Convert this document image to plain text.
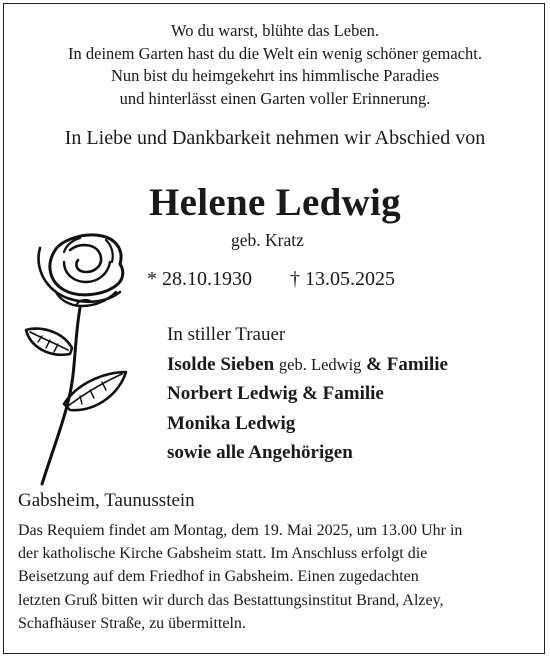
Wo du warst, blühte das Leben.
In deinem Garten hast du die Welt ein wenig schöner gemacht.
Nun bist du heimgekehrt ins himmlische Paradies
und hinterlässt einen Garten voller Erinnerung.
In Liebe und Dankbarkeit nehmen wir Abschied von
Helene Ledwig
geb. Kratz
* 28.10.1930 † 13.05.2025
In stiller Trauer
Isolde Sieben geb. Ledwig & Familie
Norbert Ledwig & Familie
Monika Ledwig
sowie alle Angehörigen
Gabsheim, Taunusstein
Das Requiem findet am Montag, dem 19. Mai 2025, um 13.00 Uhr in
der katholische Kirche Gabsheim statt. Im Anschluss erfolgt die
Beisetzung auf dem Friedhof in Gabsheim. Einen zugedachten
letzten Gruß bitten wir durch das Bestattungsinstitut Brand, Alzey,
Schafhäuser Straße, zu übermitteln.
